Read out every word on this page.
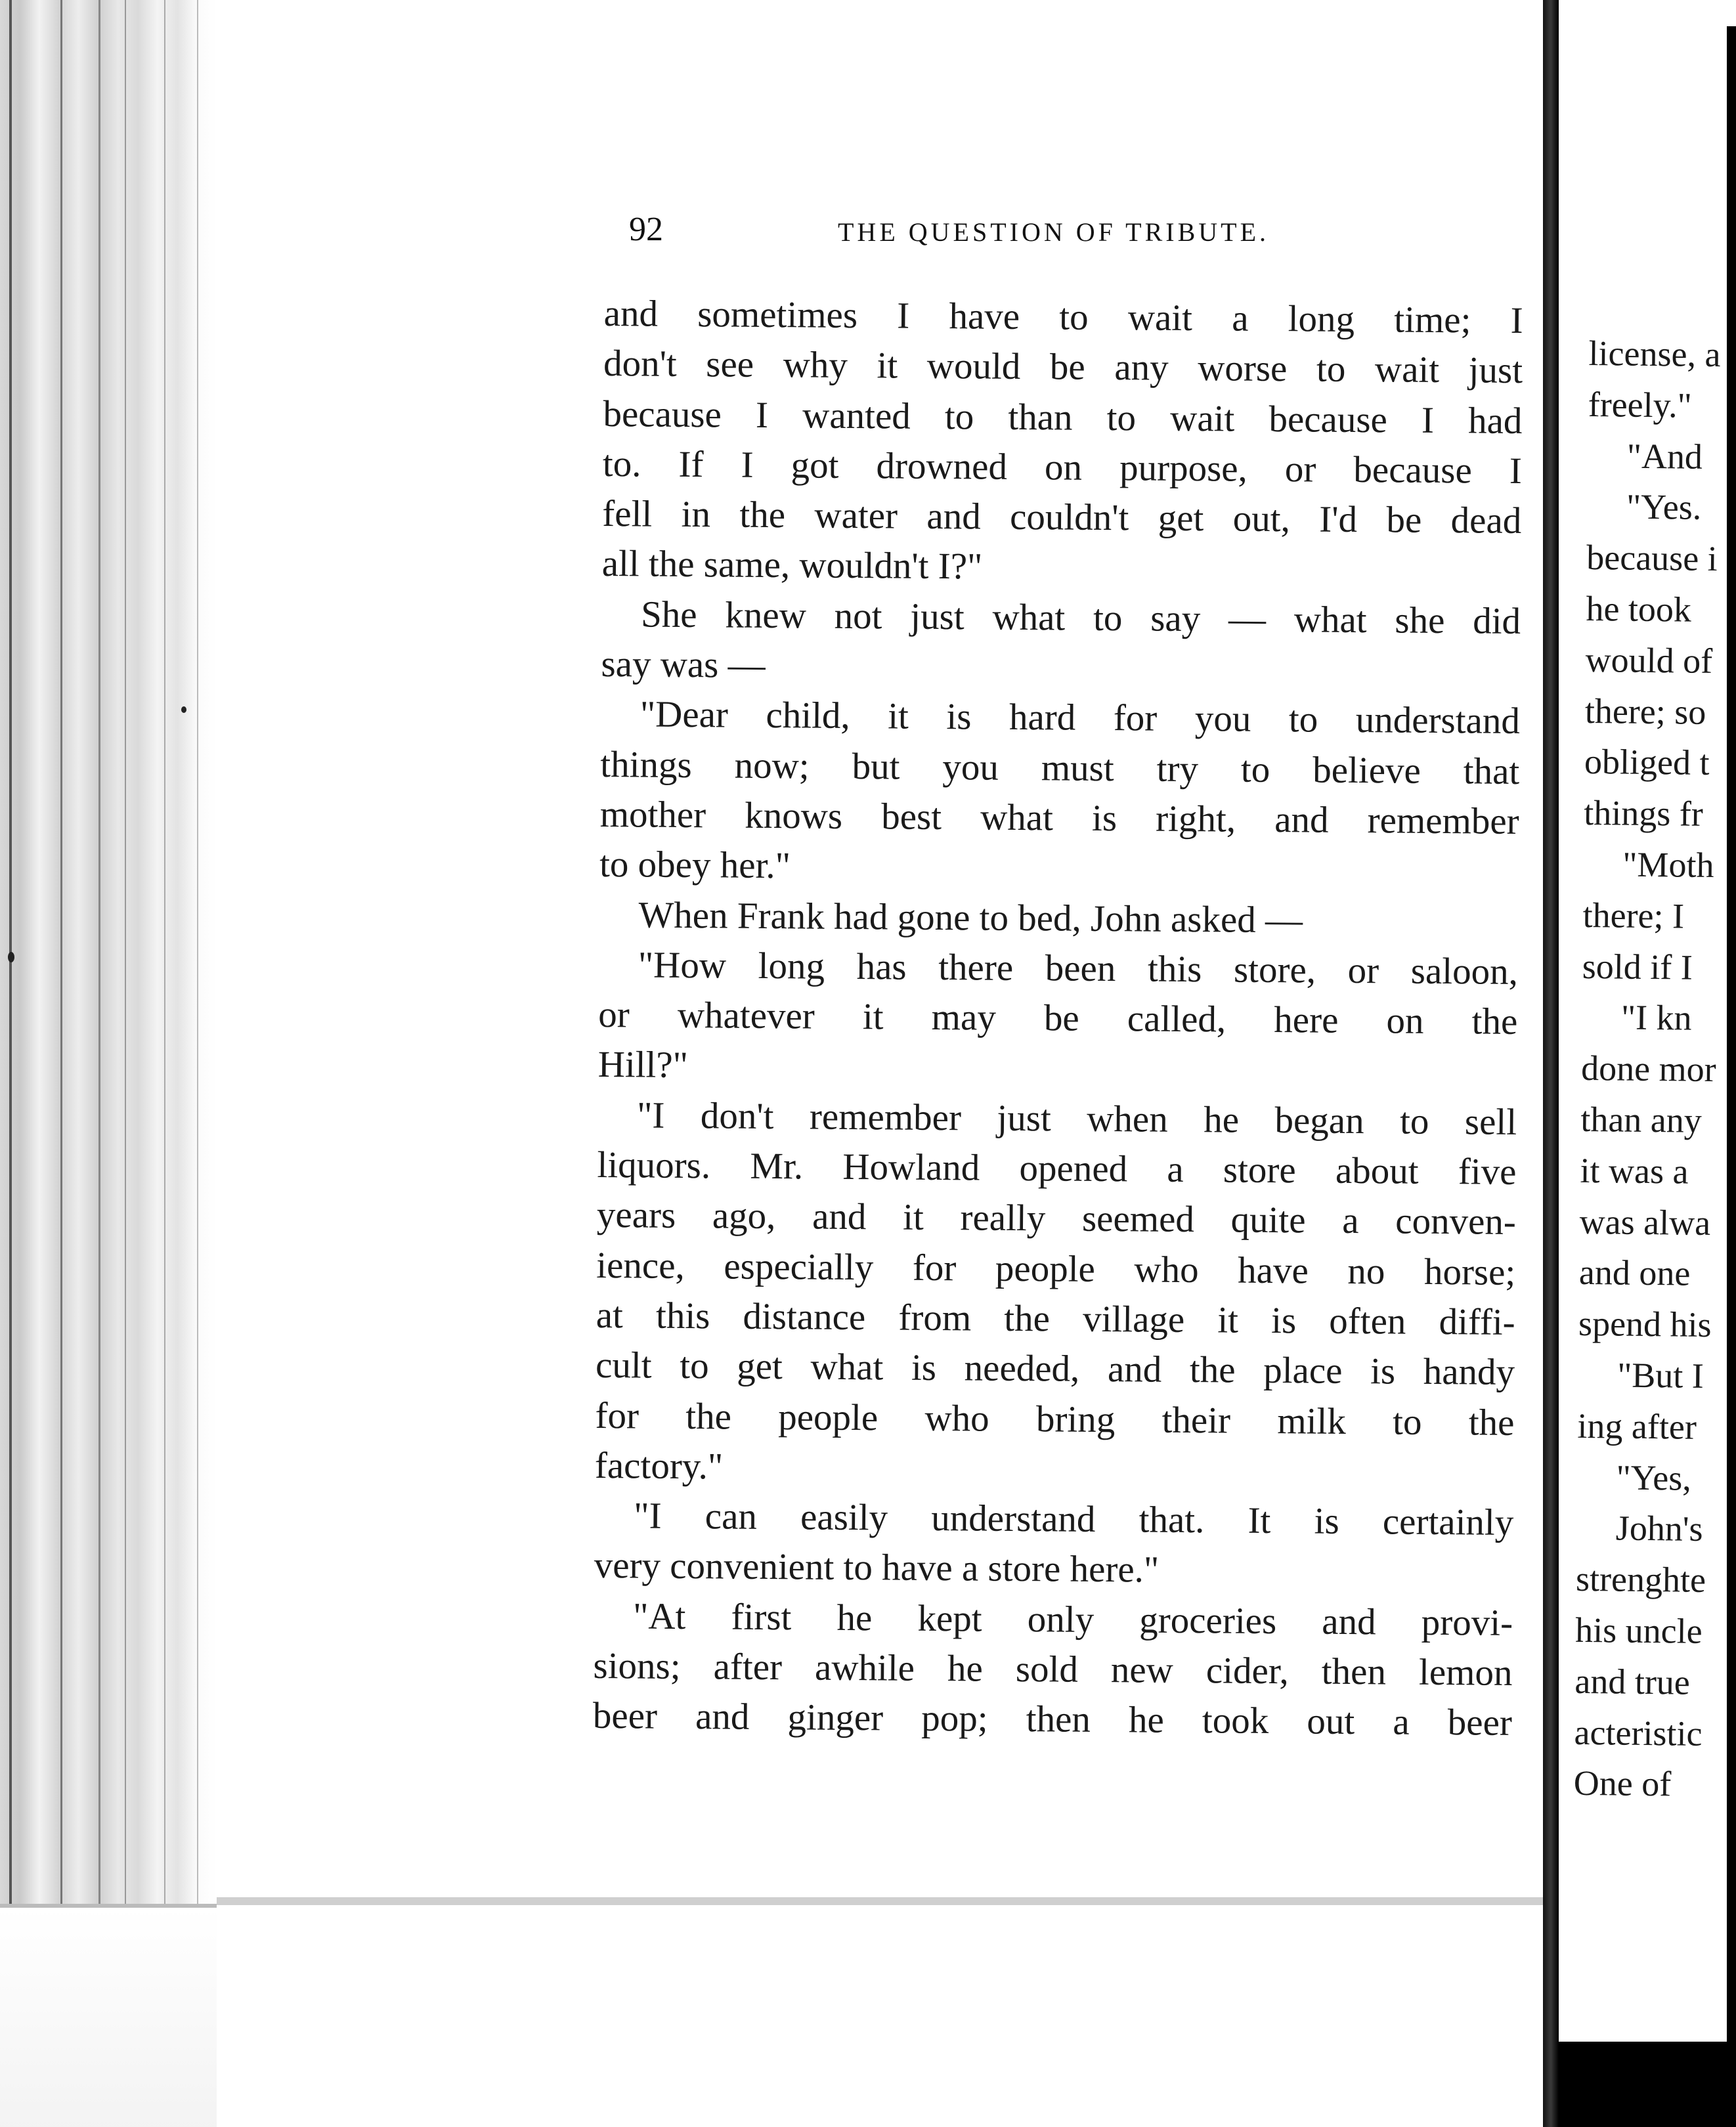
92	THE QUESTION OF TRIBUTE.
and sometimes I have to wait a long time; I
don't see why it would be any worse to wait just
because I wanted to than to wait because I had
to. If I got drowned on purpose, or because I
fell in the water and couldn't get out, I'd be dead
all the same, wouldn't I?"
She knew not just what to say — what she did
say was —
"Dear child, it is hard for you to understand
things now; but you must try to believe that
mother knows best what is right, and remember
to obey her."
When Frank had gone to bed, John asked —
"How long has there been this store, or saloon,
or whatever it may be called, here on the
Hill?"
"I don't remember just when he began to sell
liquors. Mr. Howland opened a store about five
years ago, and it really seemed quite a conven-
ience, especially for people who have no horse;
at this distance from the village it is often diffi-
cult to get what is needed, and the place is handy
for the people who bring their milk to the
factory."
"I can easily understand that. It is certainly
very convenient to have a store here."
"At first he kept only groceries and provi-
sions; after awhile he sold new cider, then lemon
beer and ginger pop; then he took out a beer
license, a
freely."
"And
"Yes.
because i
he took
would of
there; so
obliged t
things fr
"Moth
there; I
sold if I
"I kn
done mor
than any
it was a
was alwa
and one
spend his
"But I
ing after
"Yes,
John's
strenghte
his uncle
and true
acteristic
One of
